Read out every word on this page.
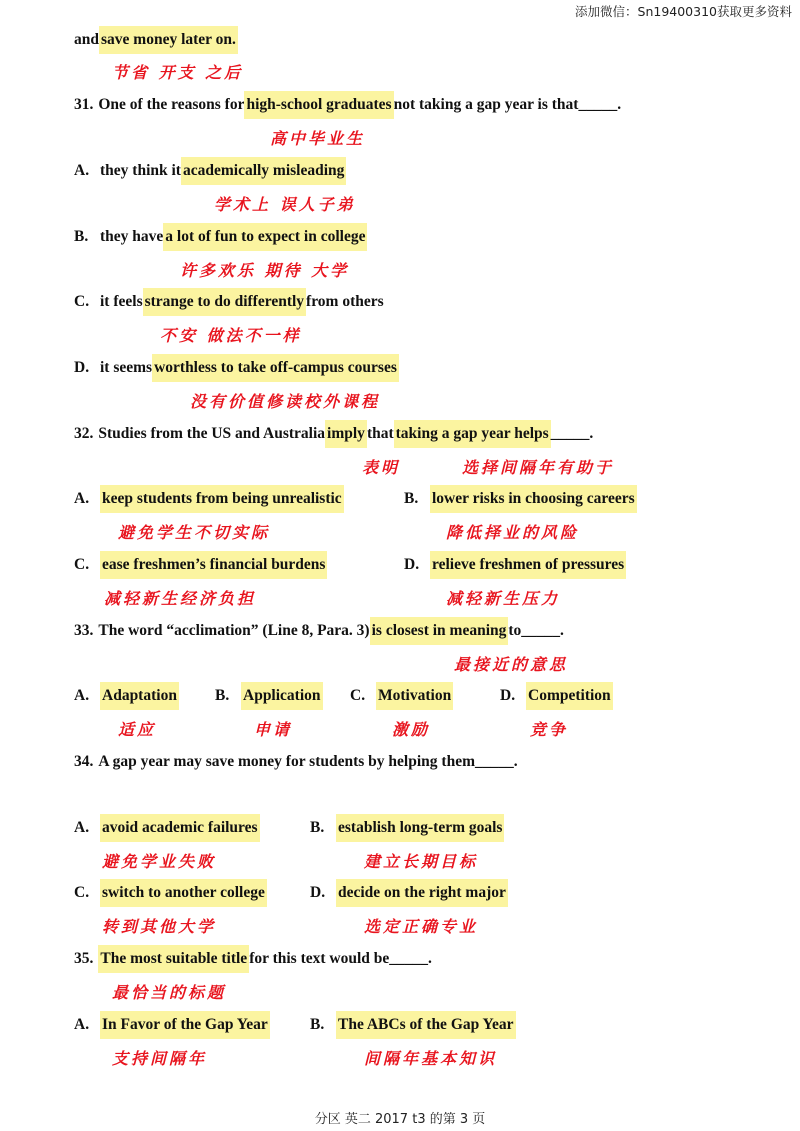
添加微信：Sn19400310获取更多资料
and save money later on.
节省 开支 之后
31. One of the reasons for high-school graduates not taking a gap year is that_____.
高中毕业生
A. they think it academically misleading
学术上 误人子弟
B. they have a lot of fun to expect in college
许多欢乐 期待 大学
C. it feels strange to do differently from others
不安 做法不一样
D. it seems worthless to take off-campus courses
没有价值修读校外课程
32. Studies from the US and Australia imply that taking a gap year helps _____.
表明	选择间隔年有助于
A. keep students from being unrealistic	B. lower risks in choosing careers
避免学生不切实际	降低择业的风险
C. ease freshmen’s financial burdens	D. relieve freshmen of pressures
减轻新生经济负担	减轻新生压力
33. The word “acclimation” (Line 8, Para. 3) is closest in meaning to_____.
最接近的意思
A. Adaptation B. Application C. Motivation	D. Competition
适应	申请	激励	竞争
34. A gap year may save money for students by helping them_____.
A. avoid academic failures	B. establish long-term goals
避免学业失败	建立长期目标
C. switch to another college	D. decide on the right major
转到其他大学	选定正确专业
35. The most suitable title for this text would be_____.
最恰当的标题
A. In Favor of the Gap Year	B. The ABCs of the Gap Year
支持间隔年	间隔年基本知识
分区 英二 2017 t3 的第 3 页
